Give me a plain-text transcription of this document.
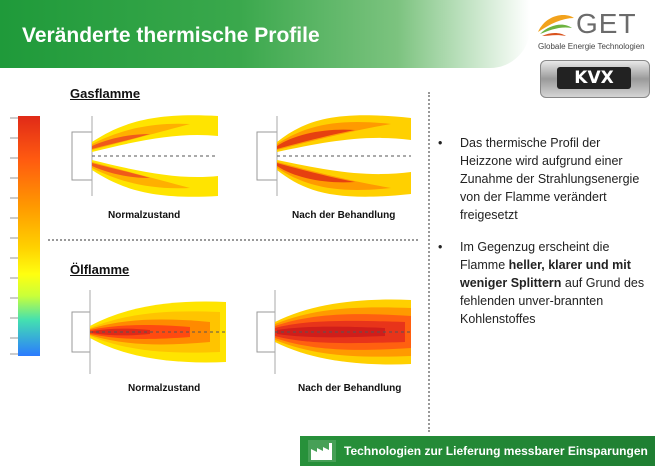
Veränderte thermische Profile	GET
Globale Energie Technologien
KVX
Gasflamme
Normalzustand	Nach der Behandlung
Ölflamme
Normalzustand	Nach der Behandlung
• Das thermische Profil der Heizzone wird aufgrund einer Zunahme der Strahlungsenergie von der Flamme verändert freigesetzt
• Im Gegenzug erscheint die Flamme heller, klarer und mit weniger Splittern auf Grund des fehlenden unver-brannten Kohlenstoffes
Technologien zur Lieferung messbarer Einsparungen
